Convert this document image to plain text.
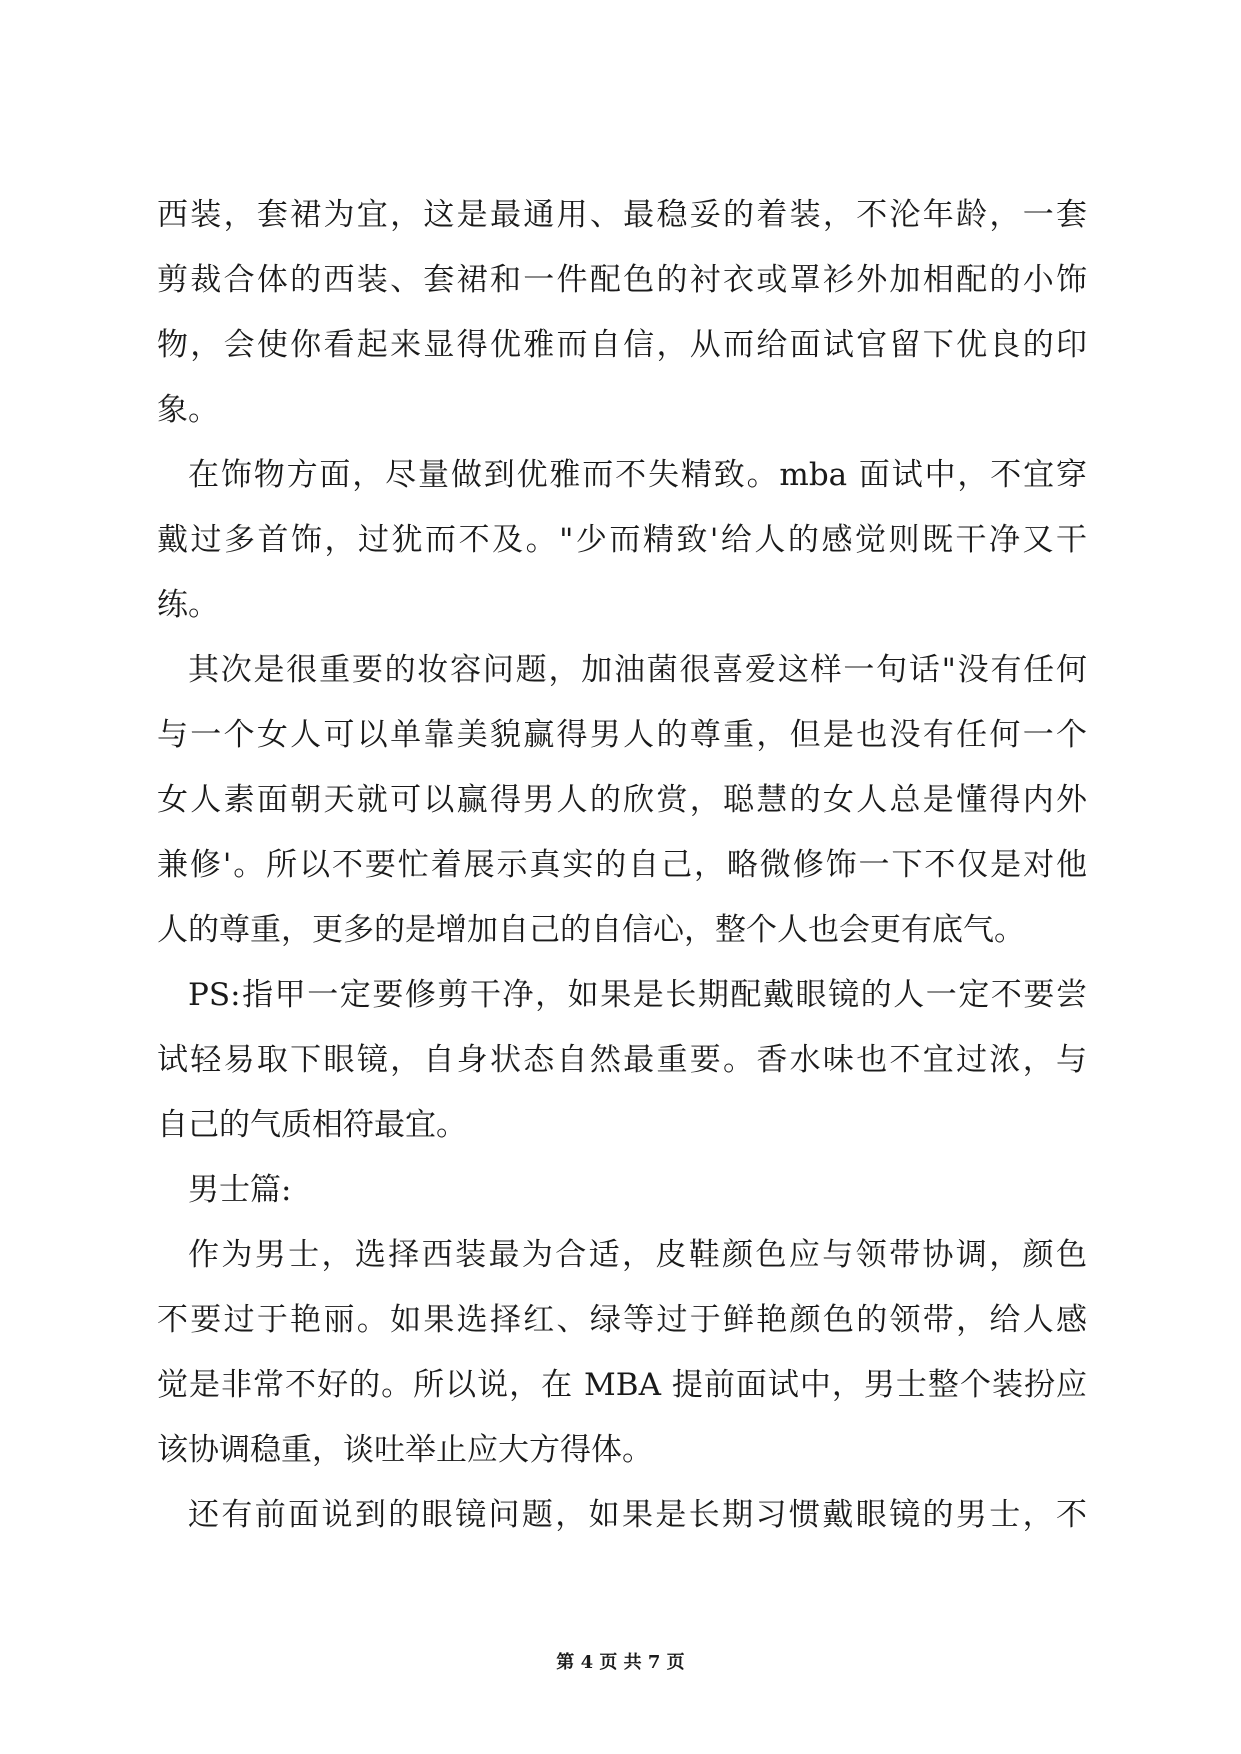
西装，套裙为宜，这是最通用、最稳妥的着装，不沦年龄，一套
剪裁合体的西装、套裙和一件配色的衬衣或罩衫外加相配的小饰
物，会使你看起来显得优雅而自信，从而给面试官留下优良的印
象。
在饰物方面，尽量做到优雅而不失精致。mba 面试中，不宜穿
戴过多首饰，过犹而不及。"少而精致'给人的感觉则既干净又干
练。
其次是很重要的妆容问题，加油菌很喜爱这样一句话"没有任何
与一个女人可以单靠美貌赢得男人的尊重，但是也没有任何一个
女人素面朝天就可以赢得男人的欣赏，聪慧的女人总是懂得内外
兼修'。所以不要忙着展示真实的自己，略微修饰一下不仅是对他
人的尊重，更多的是增加自己的自信心，整个人也会更有底气。
PS:指甲一定要修剪干净，如果是长期配戴眼镜的人一定不要尝
试轻易取下眼镜，自身状态自然最重要。香水味也不宜过浓，与
自己的气质相符最宜。
男士篇:
作为男士，选择西装最为合适，皮鞋颜色应与领带协调，颜色
不要过于艳丽。如果选择红、绿等过于鲜艳颜色的领带，给人感
觉是非常不好的。所以说，在 MBA 提前面试中，男士整个装扮应
该协调稳重，谈吐举止应大方得体。
还有前面说到的眼镜问题，如果是长期习惯戴眼镜的男士，不
第 4 页 共 7 页
